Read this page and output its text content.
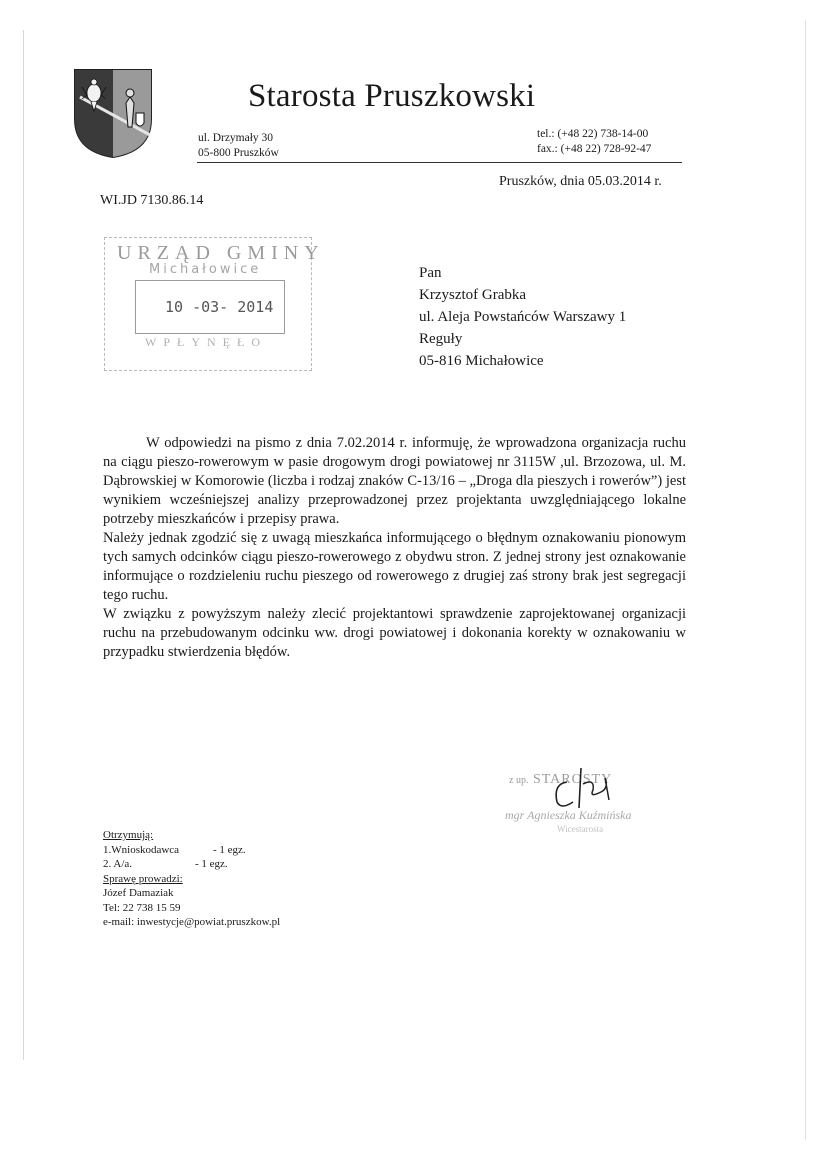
Starosta Pruszkowski
ul. Drzymały 30
05-800 Pruszków
tel.: (+48 22) 738-14-00
fax.: (+48 22) 728-92-47
Pruszków, dnia 05.03.2014 r.
WI.JD 7130.86.14
URZĄD GMINY
Michałowice
10 -03- 2014
WPŁYNĘŁO
Pan
Krzysztof Grabka
ul. Aleja Powstańców Warszawy 1
Reguły
05-816 Michałowice

W odpowiedzi na pismo z dnia 7.02.2014 r. informuję, że wprowadzona organizacja ruchu na ciągu pieszo-rowerowym w pasie drogowym drogi powiatowej nr 3115W ,ul. Brzozowa, ul. M. Dąbrowskiej w Komorowie (liczba i rodzaj znaków C-13/16 – „Droga dla pieszych i rowerów”) jest wynikiem wcześniejszej analizy przeprowadzonej przez projektanta uwzględniającego lokalne potrzeby mieszkańców i przepisy prawa.

Należy jednak zgodzić się z uwagą mieszkańca informującego o błędnym oznakowaniu pionowym tych samych odcinków ciągu pieszo-rowerowego z obydwu stron. Z jednej strony jest oznakowanie informujące o rozdzieleniu ruchu pieszego od rowerowego z drugiej zaś strony brak jest segregacji tego ruchu.

W związku z powyższym należy zlecić projektantowi sprawdzenie zaprojektowanej organizacji ruchu na przebudowanym odcinku ww. drogi powiatowej i dokonania korekty w oznakowaniu w przypadku stwierdzenia błędów.

z up. STAROSTY
mgr Agnieszka Kuźmińska
Wicestarosta
Otrzymują:
1.Wnioskodawca	- 1 egz.
2. A/a.	- 1 egz.
Sprawę prowadzi:
Józef Damaziak
Tel: 22 738 15 59
e-mail: inwestycje@powiat.pruszkow.pl
